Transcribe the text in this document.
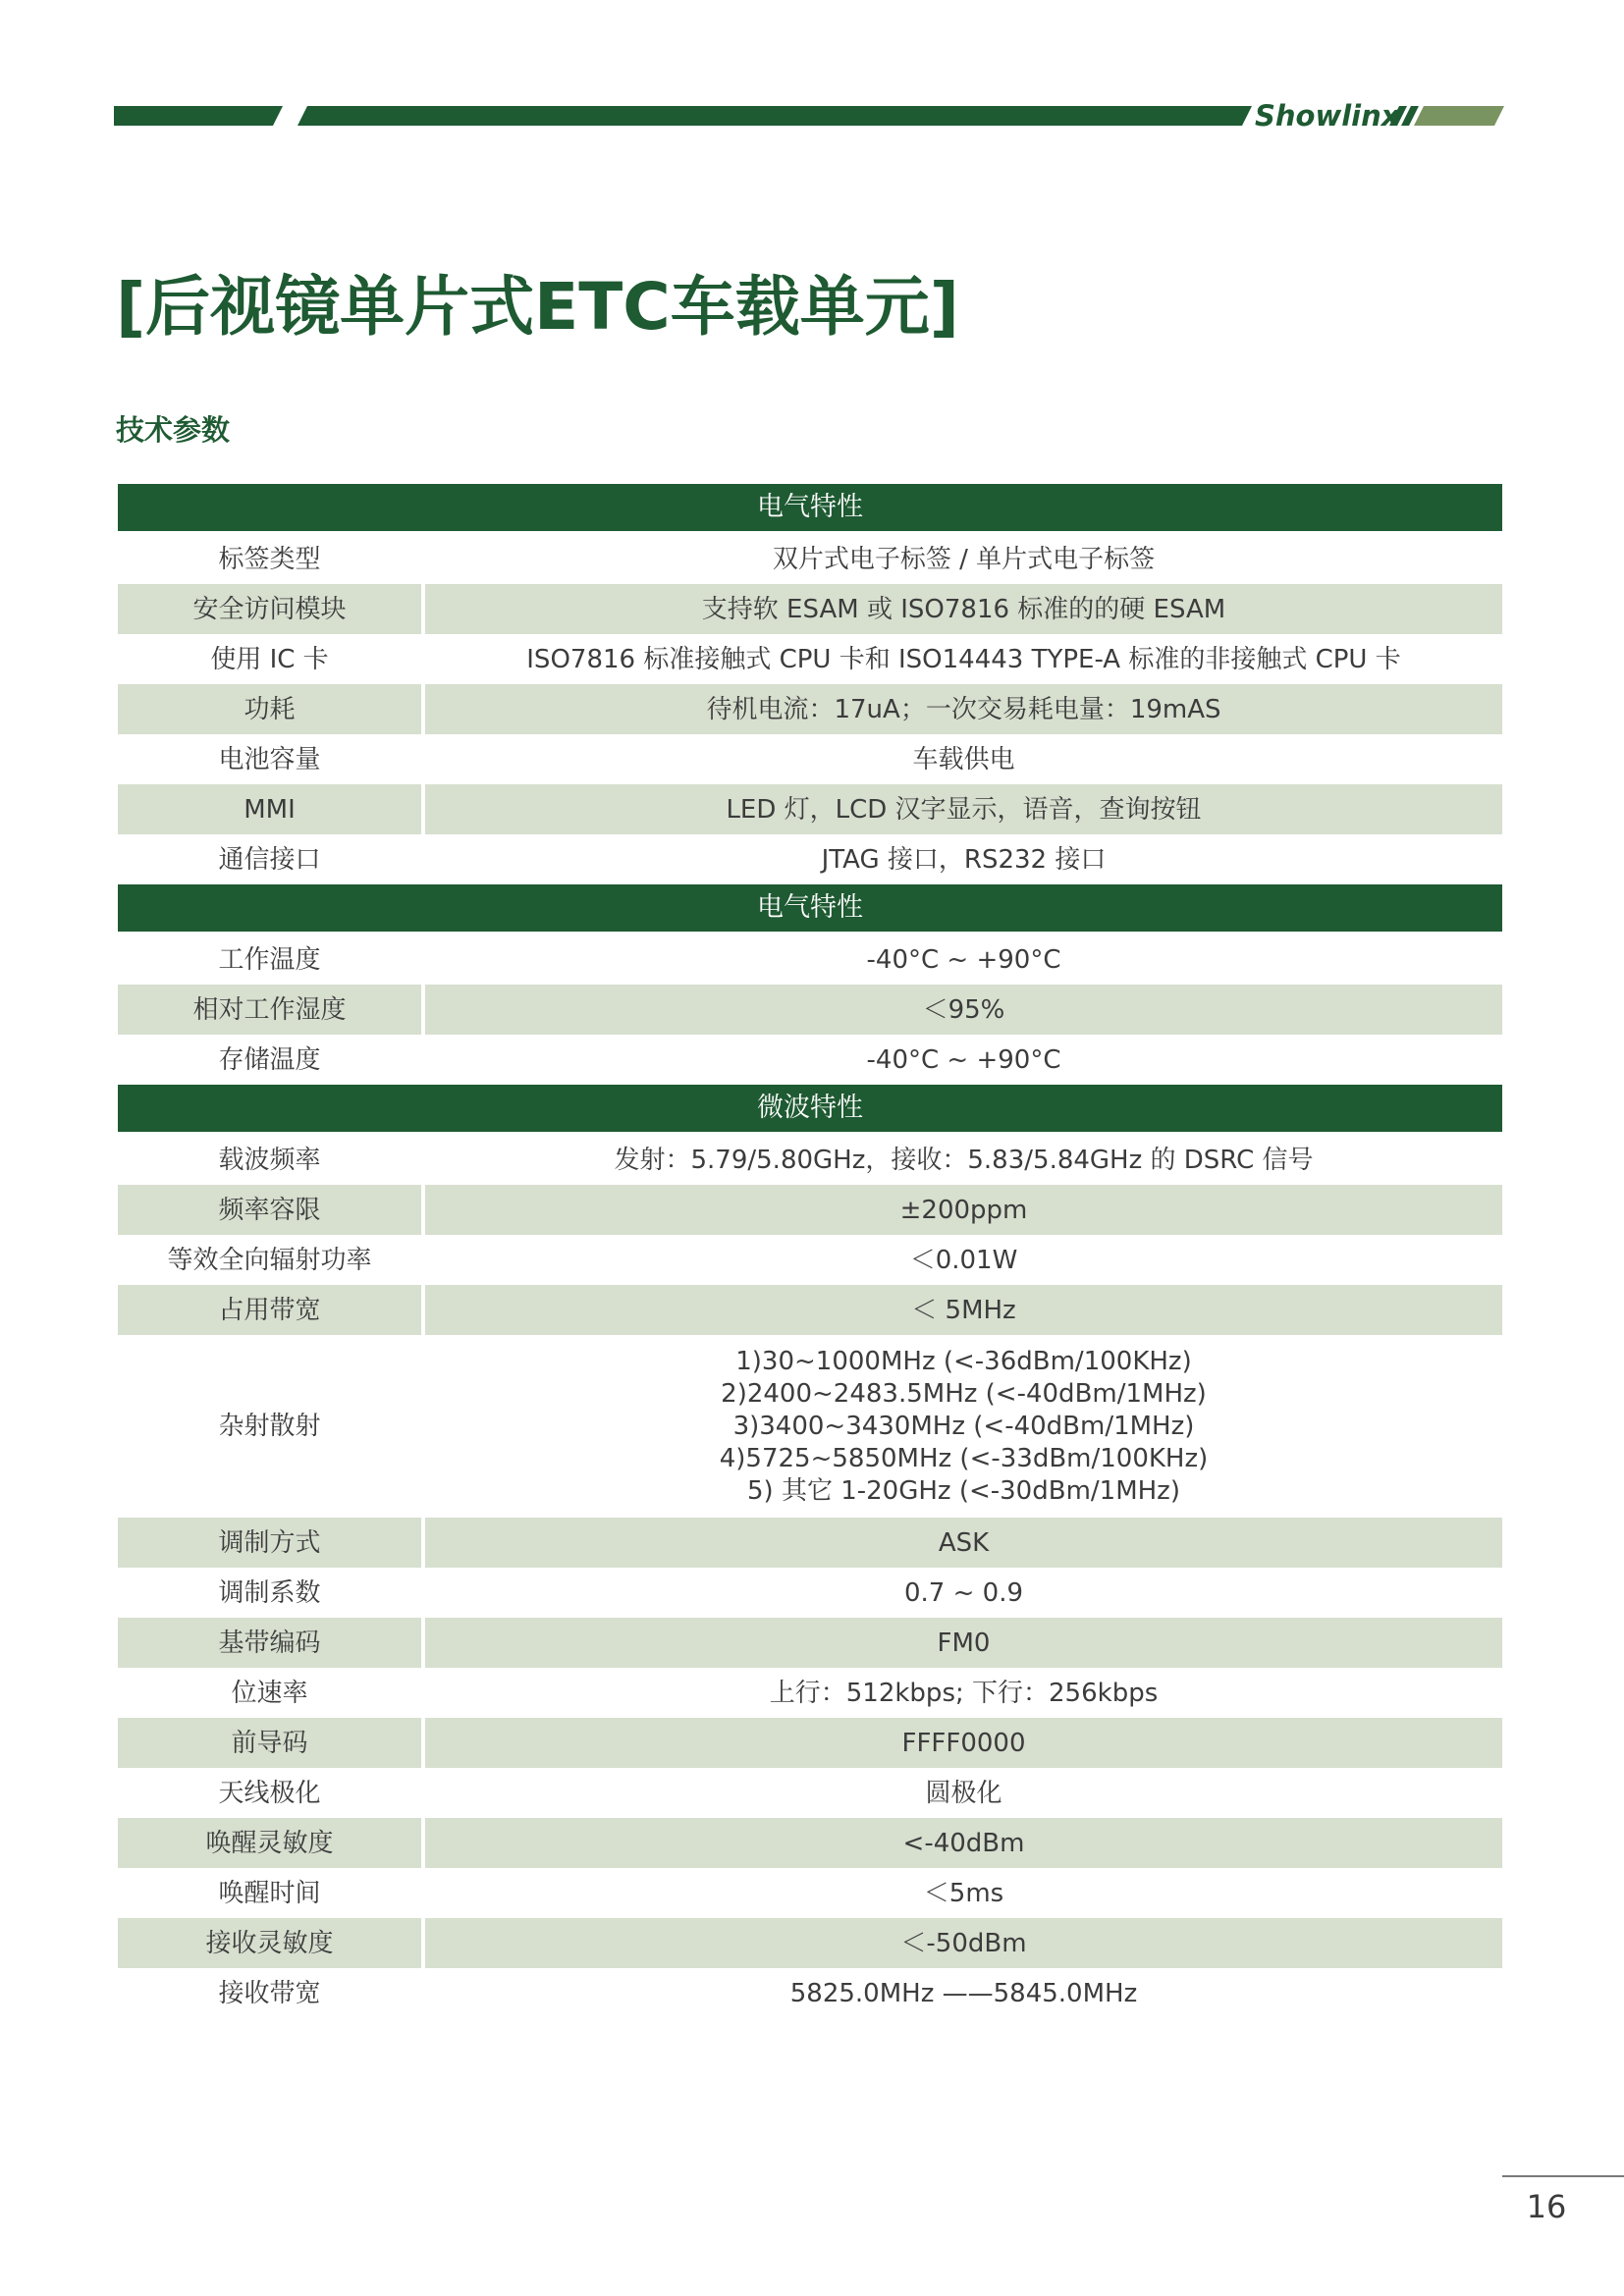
Showlinx
[后视镜单片式ETC车载单元]
技术参数
电气特性	
标签类型	双片式电子标签 / 单片式电子标签
安全访问模块	支持软 ESAM 或 ISO7816 标准的的硬 ESAM
使用 IC 卡	ISO7816 标准接触式 CPU 卡和 ISO14443 TYPE-A 标准的非接触式 CPU 卡
功耗	待机电流：17uA；一次交易耗电量：19mAS
电池容量	车载供电
MMI	LED 灯，LCD 汉字显示，语音，查询按钮
通信接口	JTAG 接口，RS232 接口
电气特性	
工作温度	-40°C ~ +90°C
相对工作湿度	＜95%
存储温度	-40°C ~ +90°C
微波特性	
载波频率	发射：5.79/5.80GHz，接收：5.83/5.84GHz 的 DSRC 信号
频率容限	±200ppm
等效全向辐射功率	＜0.01W
占用带宽	＜ 5MHz
杂射散射	1)30~1000MHz (<-36dBm/100KHz)
2)2400~2483.5MHz (<-40dBm/1MHz)
3)3400~3430MHz (<-40dBm/1MHz)
4)5725~5850MHz (<-33dBm/100KHz)
5) 其它 1-20GHz (<-30dBm/1MHz)

调制方式	ASK
调制系数	0.7 ~ 0.9
基带编码	FM0
位速率	上行：512kbps; 下行：256kbps
前导码	FFFF0000
天线极化	圆极化
唤醒灵敏度	<-40dBm
唤醒时间	＜5ms
接收灵敏度	＜-50dBm
接收带宽	5825.0MHz ——5845.0MHz
16
